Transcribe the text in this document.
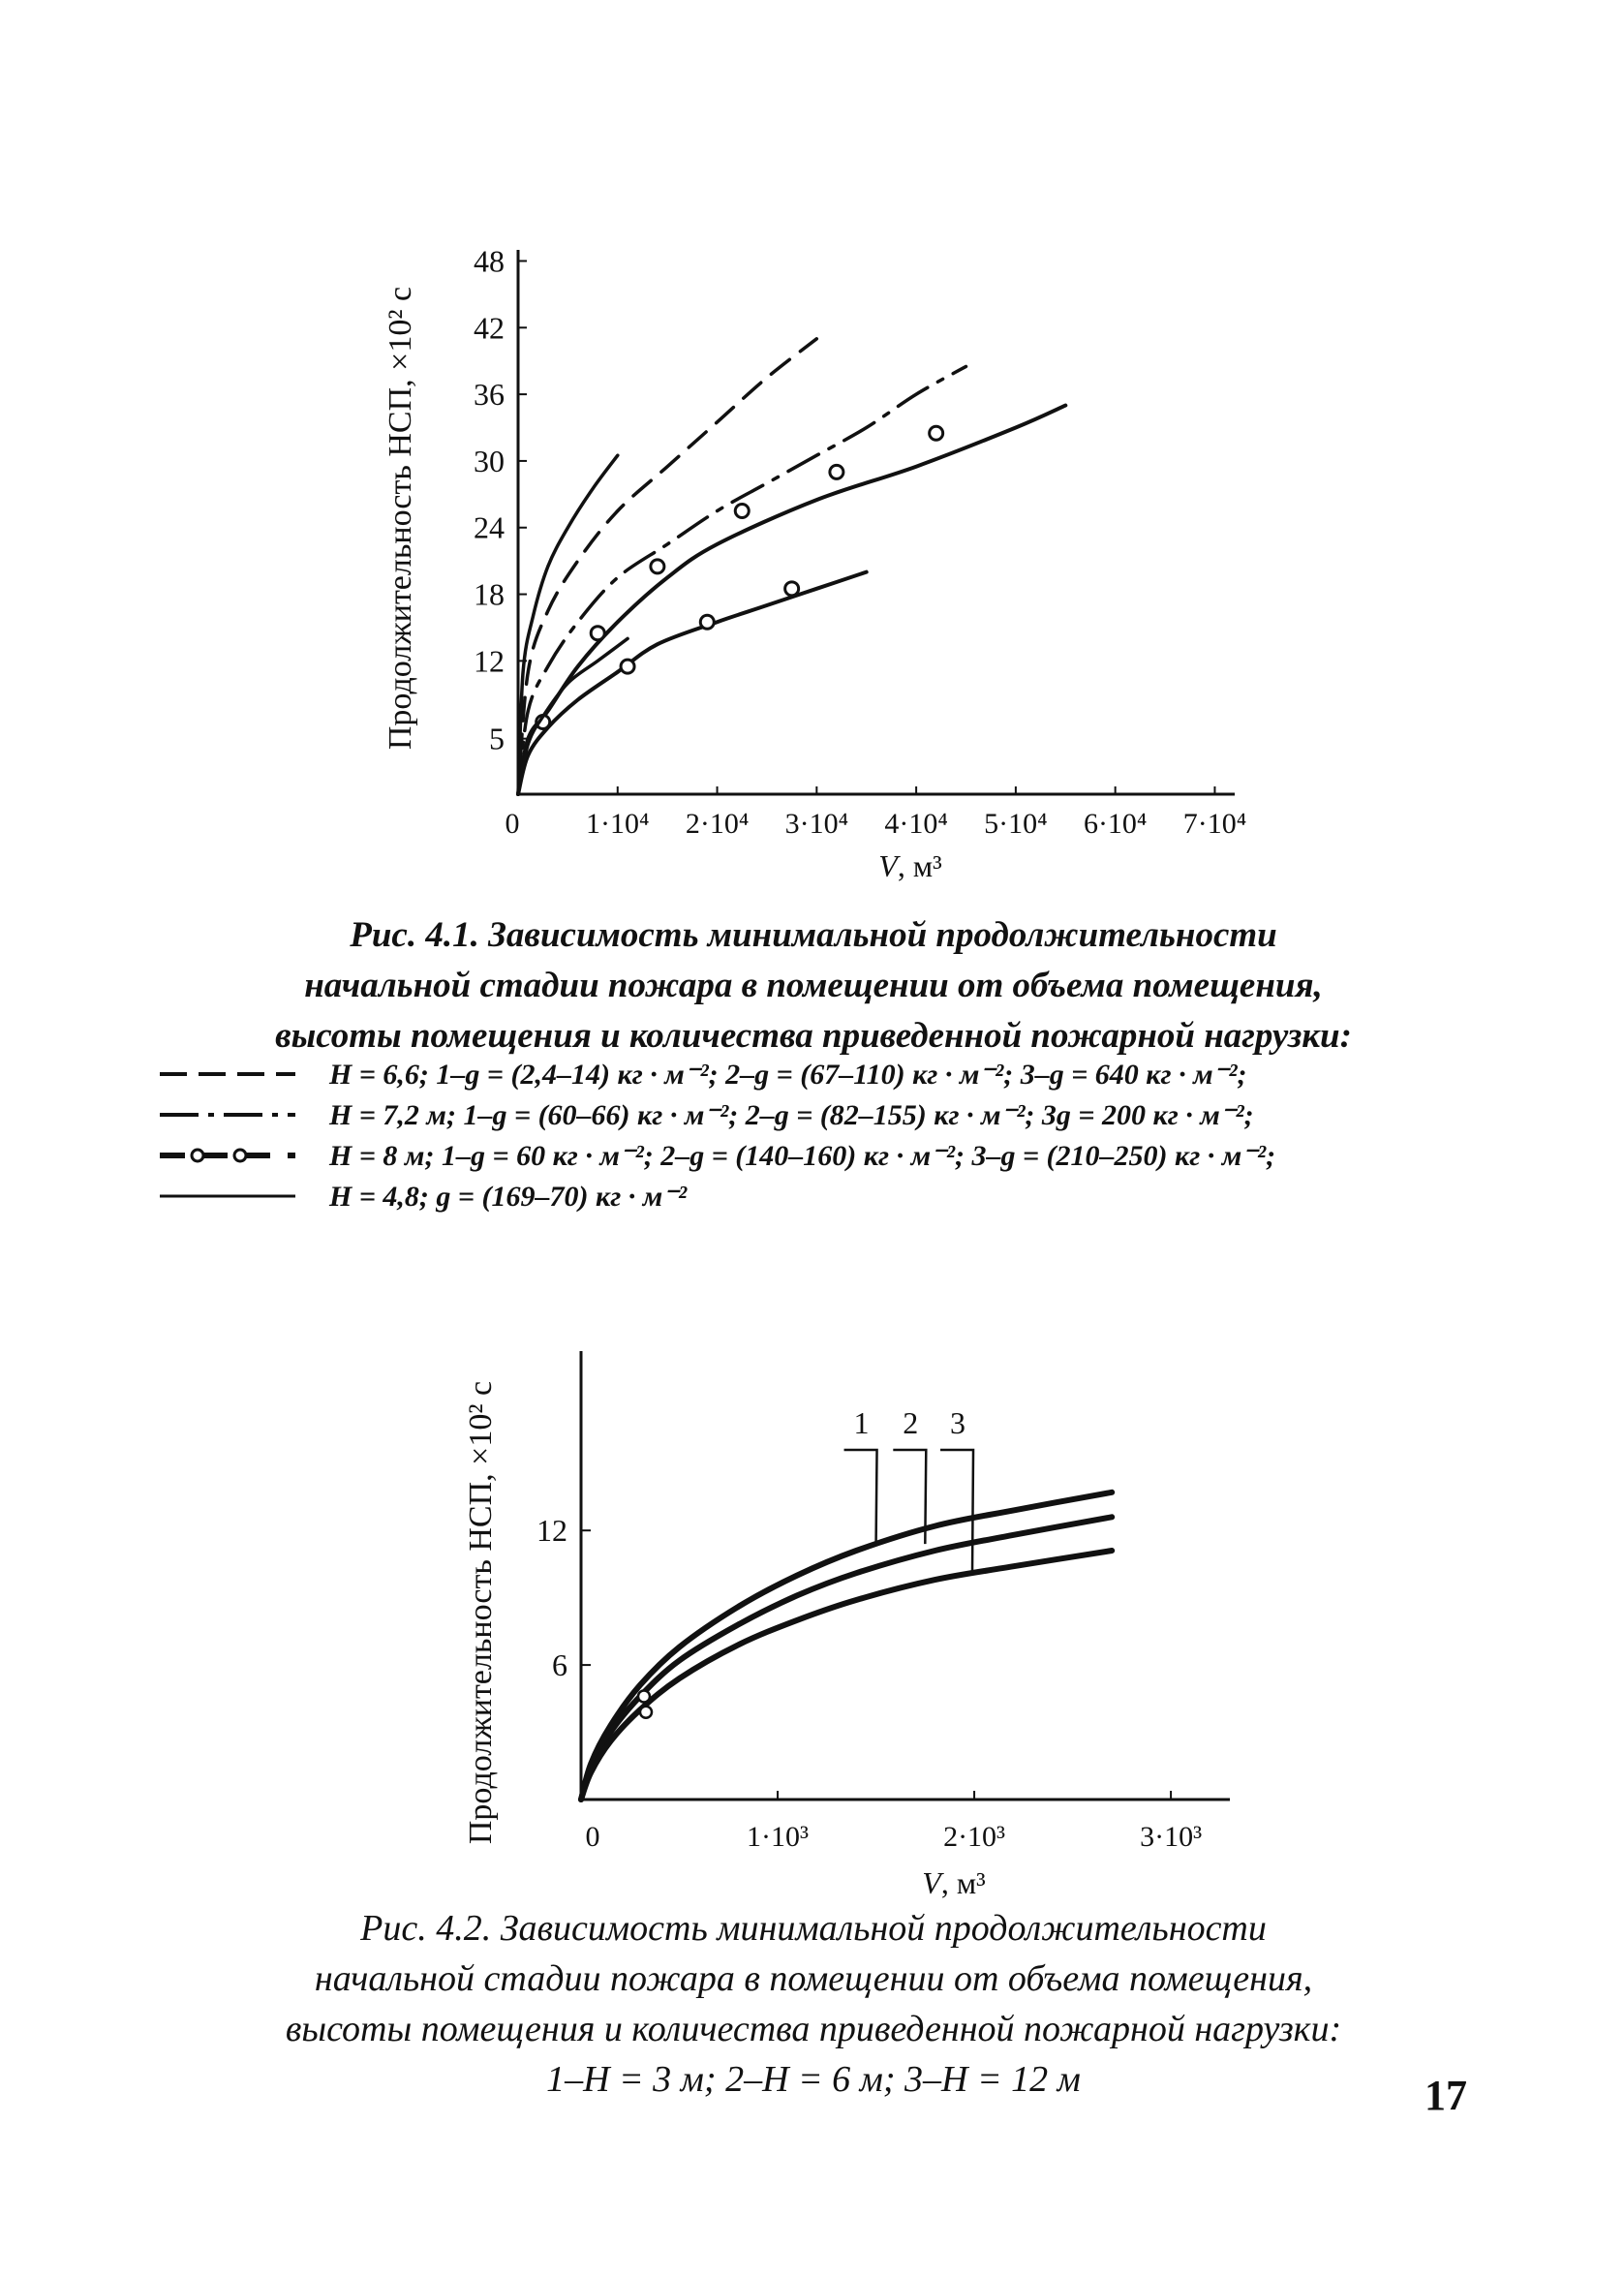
Продолжительность НСП, ×10² с 5
12
18
24
30
36
42
48
0 1·10⁴ 2·10⁴ 3·10⁴ 4·10⁴ 5·10⁴ 6·10⁴ 7·10⁴
V, м³
Продолжительность НСП, ×10² с 6
12
0	1·10³	2·10³	3·10³
1 2 3
V, м³
Рис. 4.1. Зависимость минимальной продолжительности
начальной стадии пожара в помещении от объема помещения,
высоты помещения и количества приведенной пожарной нагрузки:
H = 6,6; 1–g = (2,4–14) кг · м⁻²; 2–g = (67–110) кг · м⁻²; 3–g = 640 кг · м⁻²;
H = 7,2 м; 1–g = (60–66) кг · м⁻²; 2–g = (82–155) кг · м⁻²; 3g = 200 кг · м⁻²;
H = 8 м; 1–g = 60 кг · м⁻²; 2–g = (140–160) кг · м⁻²; 3–g = (210–250) кг · м⁻²;
H = 4,8; g = (169–70) кг · м⁻²
Рис. 4.2. Зависимость минимальной продолжительности
начальной стадии пожара в помещении от объема помещения,
высоты помещения и количества приведенной пожарной нагрузки:
1–H = 3 м; 2–H = 6 м; 3–H = 12 м	17
